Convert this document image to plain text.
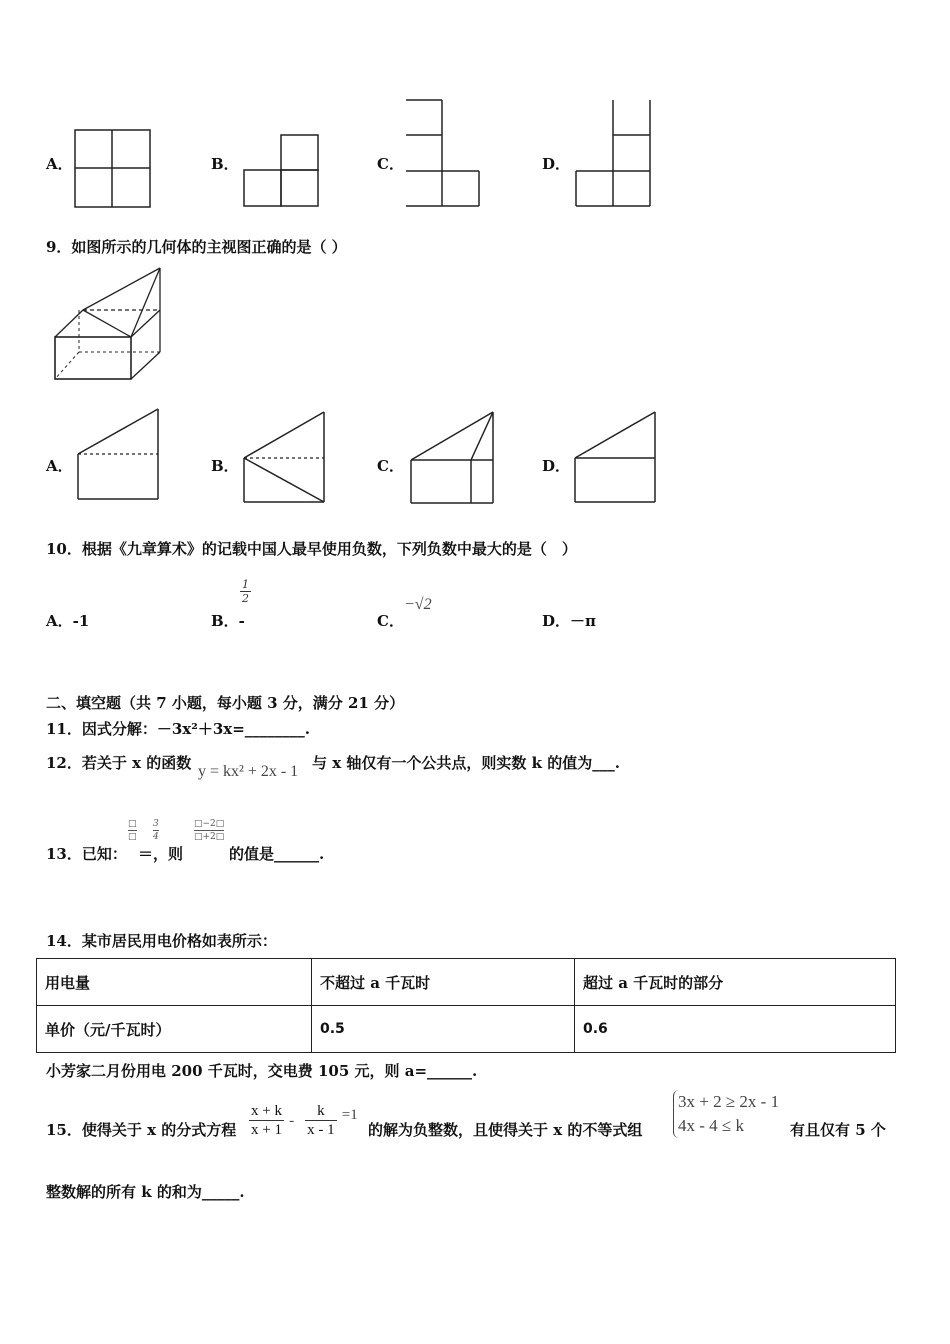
A．	B．	C．	D．
9．如图所示的几何体的主视图正确的是（ ）
A．	B．	C．	D．
10．根据《九章算术》的记载中国人最早使用负数，下列负数中最大的是（　）
A．-1	B．-
$\frac{1}{2}$
C．
−√2
D．－π
二、填空题（共 7 小题，每小题 3 分，满分 21 分）
11．因式分解：－3x²＋3x=________.
12．若关于 x 的函数 y = kx² + 2x - 1 与 x 轴仅有一个公共点，则实数 k 的值为___.
13．已知：
□
□ $\frac{3}{4}$
＝，则
$\frac{□-2□}{□+2□}$
的值是______.
14．某市居民用电价格如表所示：
用电量	不超过 a 千瓦时	超过 a 千瓦时的部分
单价（元/千瓦时）	0.5	0.6
小芳家二月份用电 200 千瓦时，交电费 105 元，则 a=______.
15．使得关于 x 的分式方程 $\frac{x + k}{x + 1} - \frac{k}{x - 1} =1$
的解为负整数，且使得关于 x 的不等式组
3x + 2 ≥ 2x - 1
4x - 4 ≤ k	有且仅有 5 个
整数解的所有 k 的和为_____.
